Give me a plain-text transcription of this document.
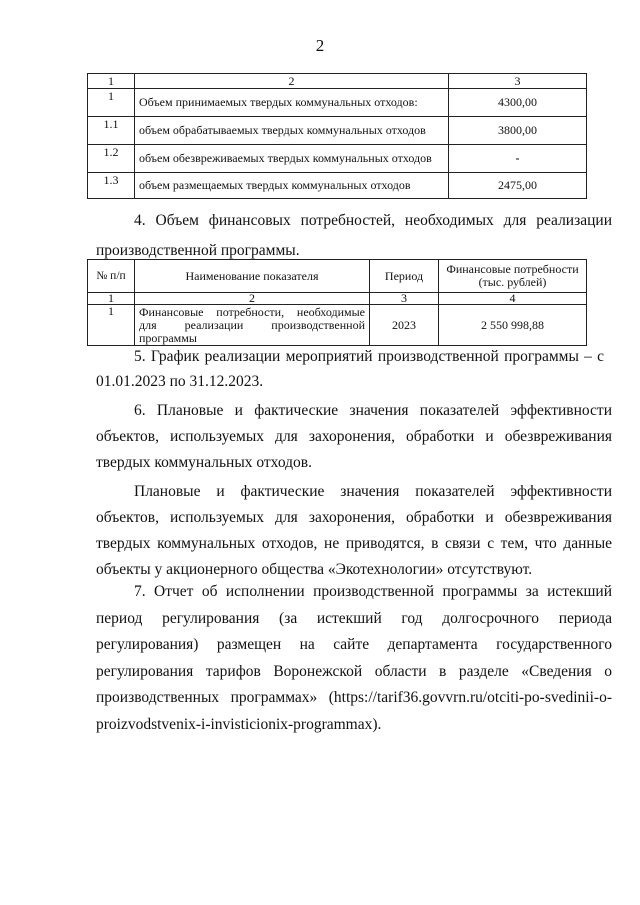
2
1	2	3
1	Объем принимаемых твердых коммунальных отходов:	4300,00
1.1	объем обрабатываемых твердых коммунальных отходов	3800,00
1.2	объем обезвреживаемых твердых коммунальных отходов	-
1.3	объем размещаемых твердых коммунальных отходов	2475,00
4. Объем финансовых потребностей, необходимых для реализации производственной программы.
№ п/п	Наименование показателя	Период	Финансовые потребности (тыс. рублей)
1	2	3	4
1	Финансовые потребности, необходимые для реализации производственной программы	2023	2 550 998,88
5. График реализации мероприятий производственной программы – с 01.01.2023 по 31.12.2023.
6. Плановые и фактические значения показателей эффективности объектов, используемых для захоронения, обработки и обезвреживания твердых коммунальных отходов.
Плановые и фактические значения показателей эффективности объектов, используемых для захоронения, обработки и обезвреживания твердых коммунальных отходов, не приводятся, в связи с тем, что данные объекты у акционерного общества «Экотехнологии» отсутствуют.
7. Отчет об исполнении производственной программы за истекший период регулирования (за истекший год долгосрочного периода регулирования) размещен на сайте департамента государственного регулирования тарифов Воронежской области в разделе «Сведения о производственных программах» (https://tarif36.govvrn.ru/otciti-po-svedinii-o-proizvodstvenix-i-invisticionix-programmax).
